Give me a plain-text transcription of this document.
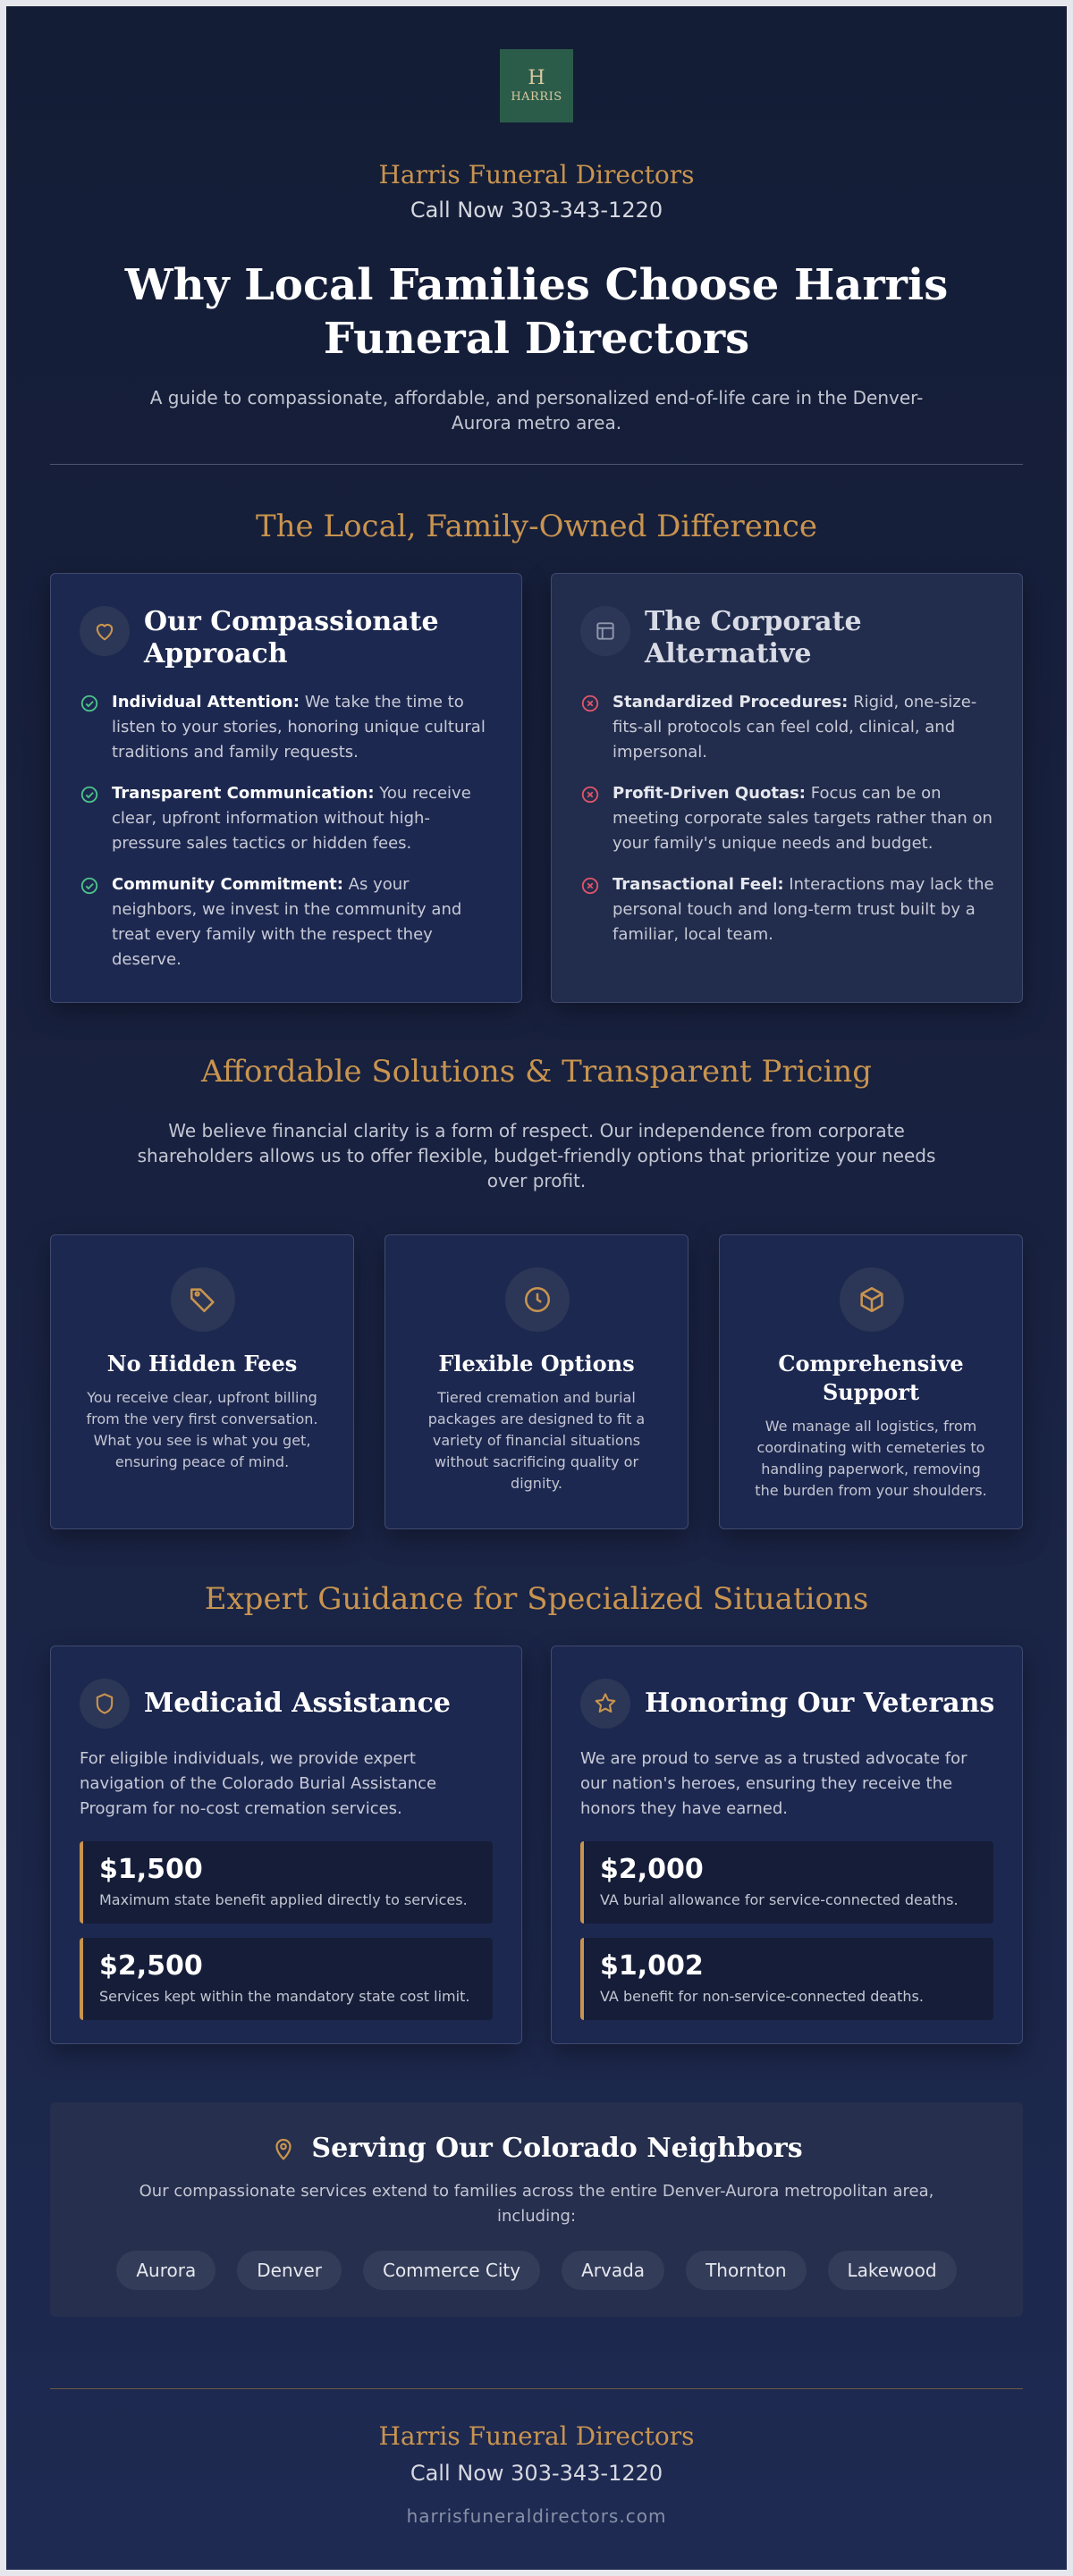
H
HARRIS
Harris Funeral Directors
Call Now 303-343-1220
Why Local Families Choose Harris Funeral Directors
A guide to compassionate, affordable, and personalized end-of-life care in the Denver-Aurora metro area.
The Local, Family-Owned Difference
Our Compassionate Approach

Individual Attention: We take the time to listen to your stories, honoring unique cultural traditions and family requests.

Transparent Communication: You receive clear, upfront information without high-pressure sales tactics or hidden fees.

Community Commitment: As your neighbors, we invest in the community and treat every family with the respect they deserve.

The Corporate Alternative

Standardized Procedures: Rigid, one-size-fits-all protocols can feel cold, clinical, and impersonal.

Profit-Driven Quotas: Focus can be on meeting corporate sales targets rather than on your family's unique needs and budget.

Transactional Feel: Interactions may lack the personal touch and long-term trust built by a familiar, local team.

Affordable Solutions & Transparent Pricing
We believe financial clarity is a form of respect. Our independence from corporate shareholders allows us to offer flexible, budget-friendly options that prioritize your needs over profit.
No Hidden Fees

You receive clear, upfront billing from the very first conversation. What you see is what you get, ensuring peace of mind.

Flexible Options

Tiered cremation and burial packages are designed to fit a variety of financial situations without sacrificing quality or dignity.

Comprehensive Support

We manage all logistics, from coordinating with cemeteries to handling paperwork, removing the burden from your shoulders.

Expert Guidance for Specialized Situations
Medicaid Assistance
For eligible individuals, we provide expert navigation of the Colorado Burial Assistance Program for no-cost cremation services.
$1,500
Maximum state benefit applied directly to services.
$2,500
Services kept within the mandatory state cost limit.
Honoring Our Veterans
We are proud to serve as a trusted advocate for our nation's heroes, ensuring they receive the honors they have earned.
$2,000
VA burial allowance for service-connected deaths.
$1,002
VA benefit for non-service-connected deaths.
Serving Our Colorado Neighbors

Our compassionate services extend to families across the entire Denver-Aurora metropolitan area, including:

Aurora	Denver	Commerce City	Arvada	Thornton	Lakewood
Harris Funeral Directors
Call Now 303-343-1220
harrisfuneraldirectors.com
